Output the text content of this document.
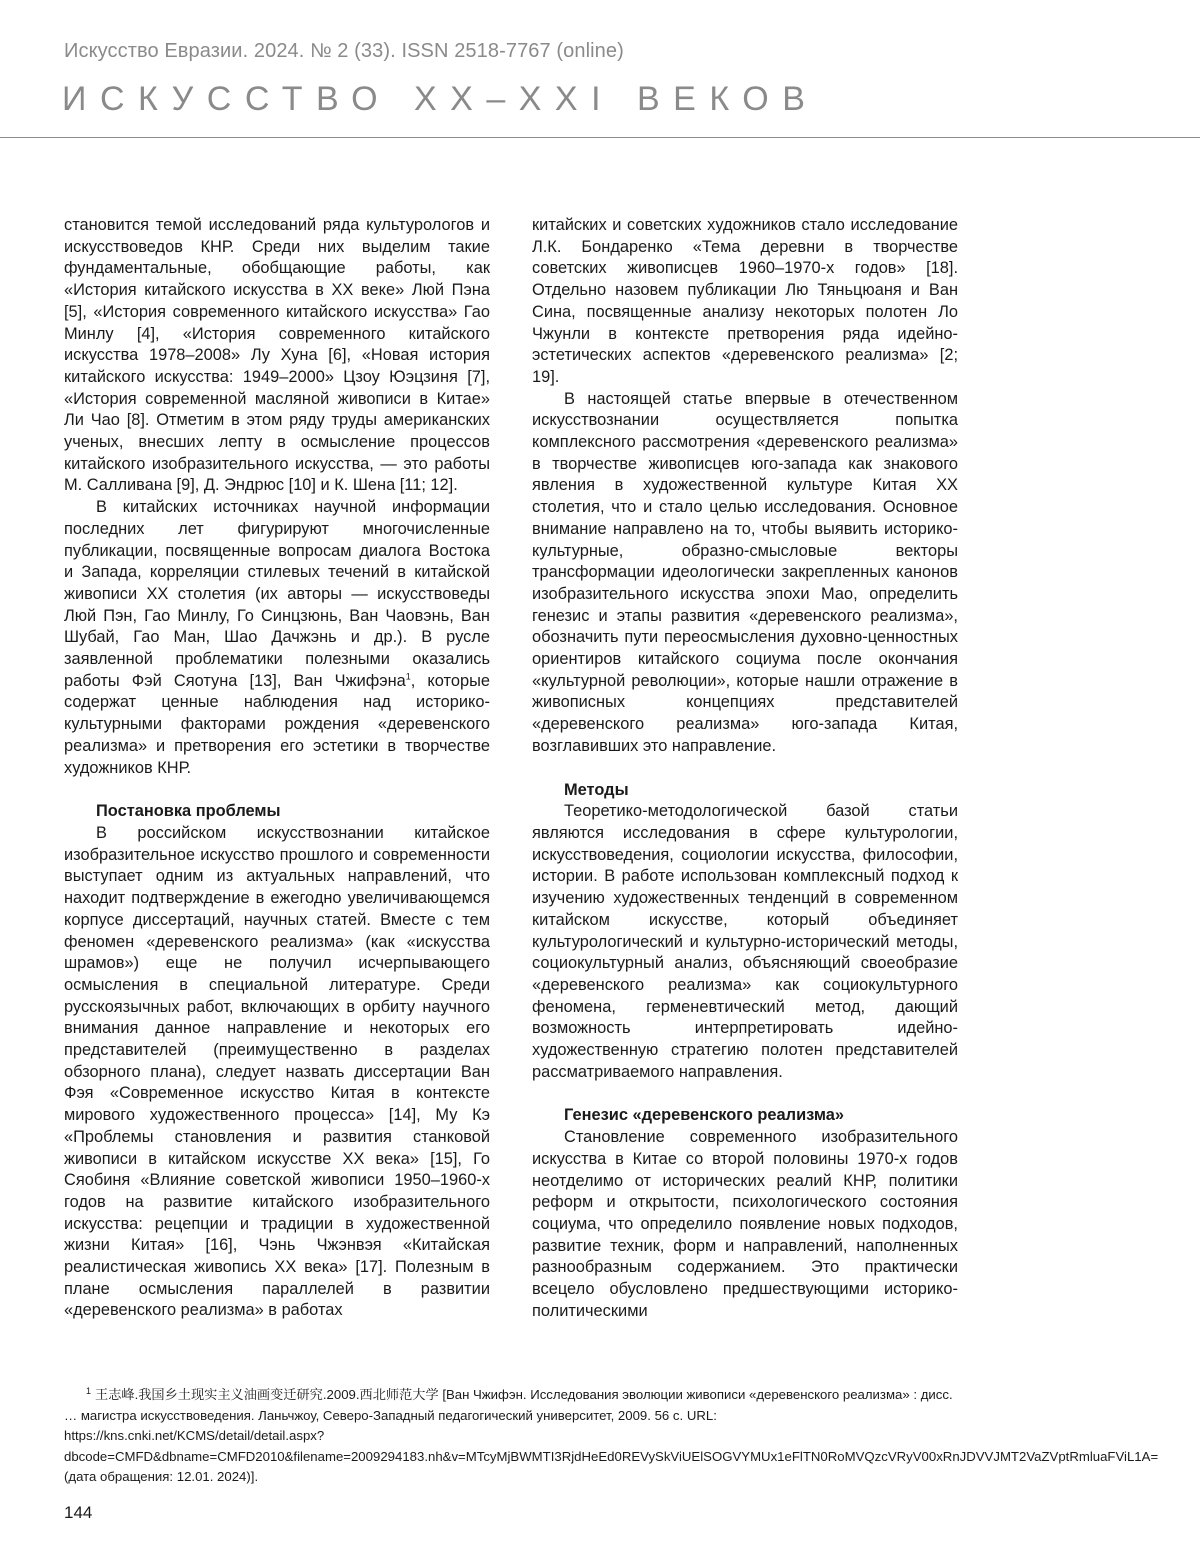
Искусство Евразии. 2024. № 2 (33). ISSN 2518-7767 (online)
ИСКУССТВО XX–XXI ВЕКОВ

становится темой исследований ряда культурологов и искусствоведов КНР. Среди них выделим такие фундаментальные, обобщающие работы, как «История китайского искусства в XX веке» Люй Пэна [5], «История современного китайского искусства» Гао Минлу [4], «История современного китайского искусства 1978–2008» Лу Хуна [6], «Новая история китайского искусства: 1949–2000» Цзоу Юэцзиня [7], «История современной масляной живописи в Китае» Ли Чао [8]. Отметим в этом ряду труды американских ученых, внесших лепту в осмысление процессов китайского изобразительного искусства, — это работы М. Салливана [9], Д. Эндрюс [10] и К. Шена [11; 12].

В китайских источниках научной информации последних лет фигурируют многочисленные публикации, посвященные вопросам диалога Востока и Запада, корреляции стилевых течений в китайской живописи XX столетия (их авторы — искусствоведы Люй Пэн, Гао Минлу, Го Синцзюнь, Ван Чаовэнь, Ван Шубай, Гао Ман, Шао Дачжэнь и др.). В русле заявленной проблематики полезными оказались работы Фэй Сяотуна [13], Ван Чжифэна$^1$, которые содержат ценные наблюдения над историко-культурными факторами рождения «деревенского реализма» и претворения его эстетики в творчестве художников КНР.

Постановка проблемы

В российском искусствознании китайское изобразительное искусство прошлого и современности выступает одним из актуальных направлений, что находит подтверждение в ежегодно увеличивающемся корпусе диссертаций, научных статей. Вместе с тем феномен «деревенского реализма» (как «искусства шрамов») еще не получил исчерпывающего осмысления в специальной литературе. Среди русскоязычных работ, включающих в орбиту научного внимания данное направление и некоторых его представителей (преимущественно в разделах обзорного плана), следует назвать диссертации Ван Фэя «Современное искусство Китая в контексте мирового художественного процесса» [14], Му Кэ «Проблемы становления и развития станковой живописи в китайском искусстве XX века» [15], Го Сяобиня «Влияние советской живописи 1950–1960-х годов на развитие китайского изобразительного искусства: рецепции и традиции в художественной жизни Китая» [16], Чэнь Чжэнвэя «Китайская реалистическая живопись XX века» [17]. Полезным в плане осмысления параллелей в развитии «деревенского реализма» в работах

китайских и советских художников стало исследование Л.К. Бондаренко «Тема деревни в творчестве советских живописцев 1960–1970-х годов» [18]. Отдельно назовем публикации Лю Тяньцюаня и Ван Сина, посвященные анализу некоторых полотен Ло Чжунли в контексте претворения ряда идейно-эстетических аспектов «деревенского реализма» [2; 19].

В настоящей статье впервые в отечественном искусствознании осуществляется попытка комплексного рассмотрения «деревенского реализма» в творчестве живописцев юго-запада как знакового явления в художественной культуре Китая XX столетия, что и стало целью исследования. Основное внимание направлено на то, чтобы выявить историко-культурные, образно-смысловые векторы трансформации идеологически закрепленных канонов изобразительного искусства эпохи Мао, определить генезис и этапы развития «деревенского реализма», обозначить пути переосмысления духовно-ценностных ориентиров китайского социума после окончания «культурной революции», которые нашли отражение в живописных концепциях представителей «деревенского реализма» юго-запада Китая, возглавивших это направление.

Методы

Теоретико-методологической базой статьи являются исследования в сфере культурологии, искусствоведения, социологии искусства, философии, истории. В работе использован комплексный подход к изучению художественных тенденций в современном китайском искусстве, который объединяет культурологический и культурно-исторический методы, социокультурный анализ, объясняющий своеобразие «деревенского реализма» как социокультурного феномена, герменевтический метод, дающий возможность интерпретировать идейно-художественную стратегию полотен представителей рассматриваемого направления.

Генезис «деревенского реализма»

Становление современного изобразительного искусства в Китае со второй половины 1970-х годов неотделимо от исторических реалий КНР, политики реформ и открытости, психологического состояния социума, что определило появление новых подходов, развитие техник, форм и направлений, наполненных разнообразным содержанием. Это практически всецело обусловлено предшествующими историко-политическими

$^1$ 王志峰.我国乡土现实主义油画变迁研究.2009.西北师范大学 [Ван Чжифэн. Исследования эволюции живописи «деревенского реализма» : дисс. … магистра искусствоведения. Ланьчжоу, Северо-Западный педагогический университет, 2009. 56 с. URL: https://kns.cnki.net/KCMS/detail/detail.aspx?dbcode=CMFD&dbname=CMFD2010&filename=2009294183.nh&v=MTcyMjBWMTI3RjdHeEd0REVySkViUElSOGVYMUx1eFlTN0RoMVQzcVRyV00xRnJDVVJMT2VaZVptRmluaFViL1A= (дата обращения: 12.01. 2024)].
144
